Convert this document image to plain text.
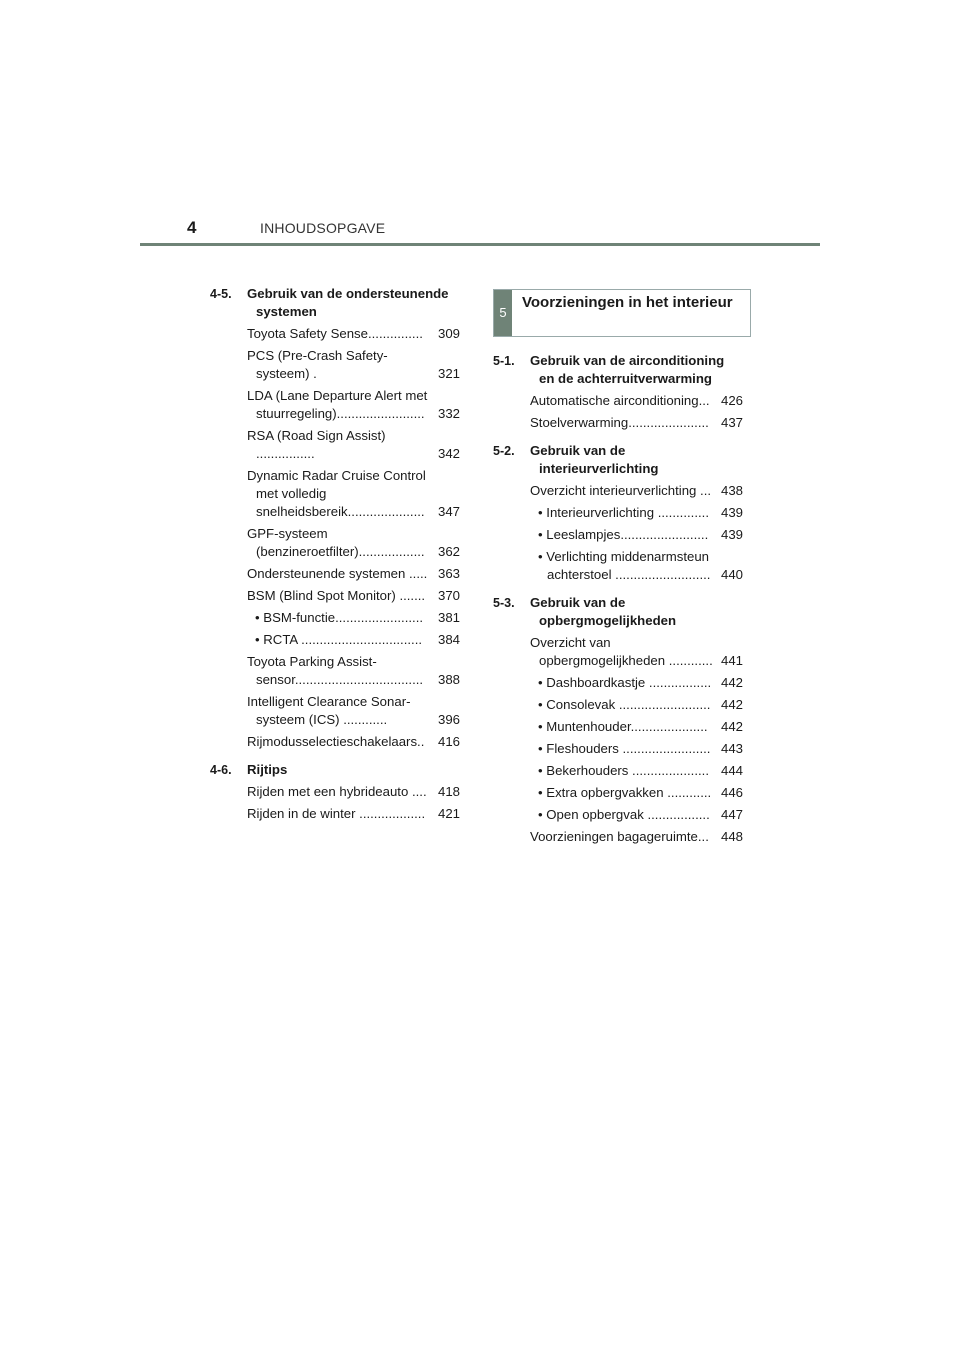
4	INHOUDSOPGAVE
4-5. Gebruik van de ondersteunende systemen
Toyota Safety Sense...............	309
PCS (Pre-Crash Safety-systeem) .	321
LDA (Lane Departure Alert met stuurregeling)........................	332
RSA (Road Sign Assist) ................	342
Dynamic Radar Cruise Control met volledig snelheidsbereik.....................	347
GPF-systeem (benzineroetfilter)..................	362
Ondersteunende systemen ..... 363
BSM (Blind Spot Monitor) ....... 370
• BSM-functie........................	381
• RCTA .................................	384
Toyota Parking Assist-sensor...................................	388
Intelligent Clearance Sonar-systeem (ICS) ............	396
Rijmodusselectieschakelaars..	416
4-6. Rijtips
Rijden met een hybrideauto .... 418
Rijden in de winter .................. 421
5
Voorzieningen in het interieur
5-1. Gebruik van de airconditioning en de achterruitverwarming
Automatische airconditioning... 426
Stoelverwarming...................... 437
5-2. Gebruik van de interieurverlichting
Overzicht interieurverlichting ... 438
• Interieurverlichting .............. 439
• Leeslampjes........................ 439
• Verlichting middenarmsteun achterstoel .......................... 440
5-3. Gebruik van de opbergmogelijkheden
Overzicht van opbergmogelijkheden ............ 441
• Dashboardkastje ................. 442
• Consolevak ......................... 442
• Muntenhouder.....................	442
• Fleshouders ........................ 443
• Bekerhouders ..................... 444
• Extra opbergvakken ............ 446
• Open opbergvak ................. 447
Voorzieningen bagageruimte... 448
